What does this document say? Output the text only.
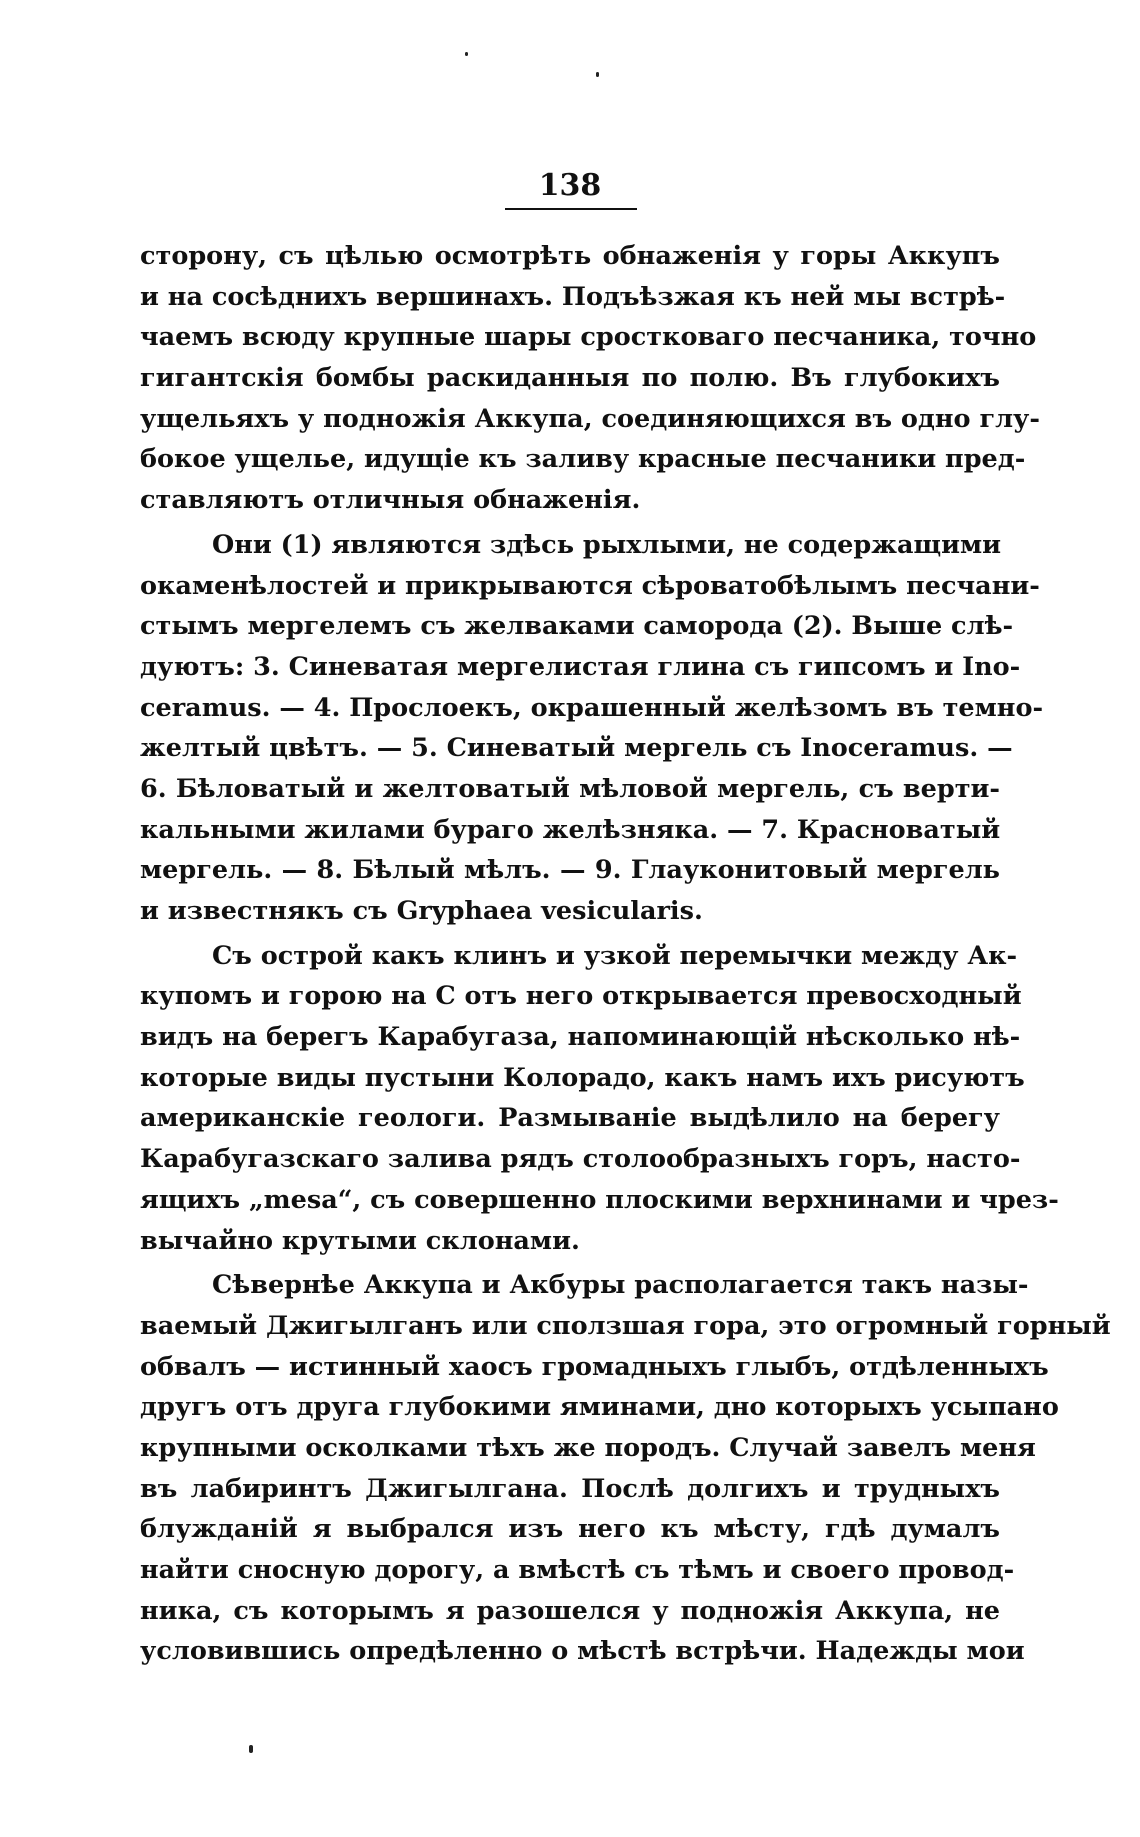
138
сторону, съ цѣлью осмотрѣть обнаженія у горы Аккупъ
и на сосѣднихъ вершинахъ. Подъѣзжая къ ней мы встрѣ-
чаемъ всюду крупные шары сростковаго песчаника, точно
гигантскія бомбы раскиданныя по полю. Въ глубокихъ
ущельяхъ у подножія Аккупа, соединяющихся въ одно глу-
бокое ущелье, идущіе къ заливу красные песчаники пред-
ставляютъ отличныя обнаженія.
Они (1) являются здѣсь рыхлыми, не содержащими
окаменѣлостей и прикрываются сѣроватобѣлымъ песчани-
стымъ мергелемъ съ желваками саморода (2). Выше слѣ-
дуютъ: 3. Синеватая мергелистая глина съ гипсомъ и Ino-
ceramus. — 4. Прослоекъ, окрашенный желѣзомъ въ темно-
желтый цвѣтъ. — 5. Синеватый мергель съ Inoceramus. —
6. Бѣловатый и желтоватый мѣловой мергель, съ верти-
кальными жилами бураго желѣзняка. — 7. Красноватый
мергель. — 8. Бѣлый мѣлъ. — 9. Глауконитовый мергель
и известнякъ съ Gryphaea vesicularis.
Съ острой какъ клинъ и узкой перемычки между Ак-
купомъ и горою на С отъ него открывается превосходный
видъ на берегъ Карабугаза, напоминающій нѣсколько нѣ-
которые виды пустыни Колорадо, какъ намъ ихъ рисуютъ
американскіе геологи. Размываніе выдѣлило на берегу
Карабугазскаго залива рядъ столообразныхъ горъ, насто-
ящихъ „mesa“, съ совершенно плоскими верхнинами и чрез-
вычайно крутыми склонами.
Сѣвернѣе Аккупа и Акбуры располагается такъ назы-
ваемый Джигылганъ или сползшая гора, это огромный горный
обвалъ — истинный хаосъ громадныхъ глыбъ, отдѣленныхъ
другъ отъ друга глубокими яминами, дно которыхъ усыпано
крупными осколками тѣхъ же породъ. Случай завелъ меня
въ лабиринтъ Джигылгана. Послѣ долгихъ и трудныхъ
блужданій я выбрался изъ него къ мѣсту, гдѣ думалъ
найти сносную дорогу, а вмѣстѣ съ тѣмъ и своего провод-
ника, съ которымъ я разошелся у подножія Аккупа, не
условившись опредѣленно о мѣстѣ встрѣчи. Надежды мои
